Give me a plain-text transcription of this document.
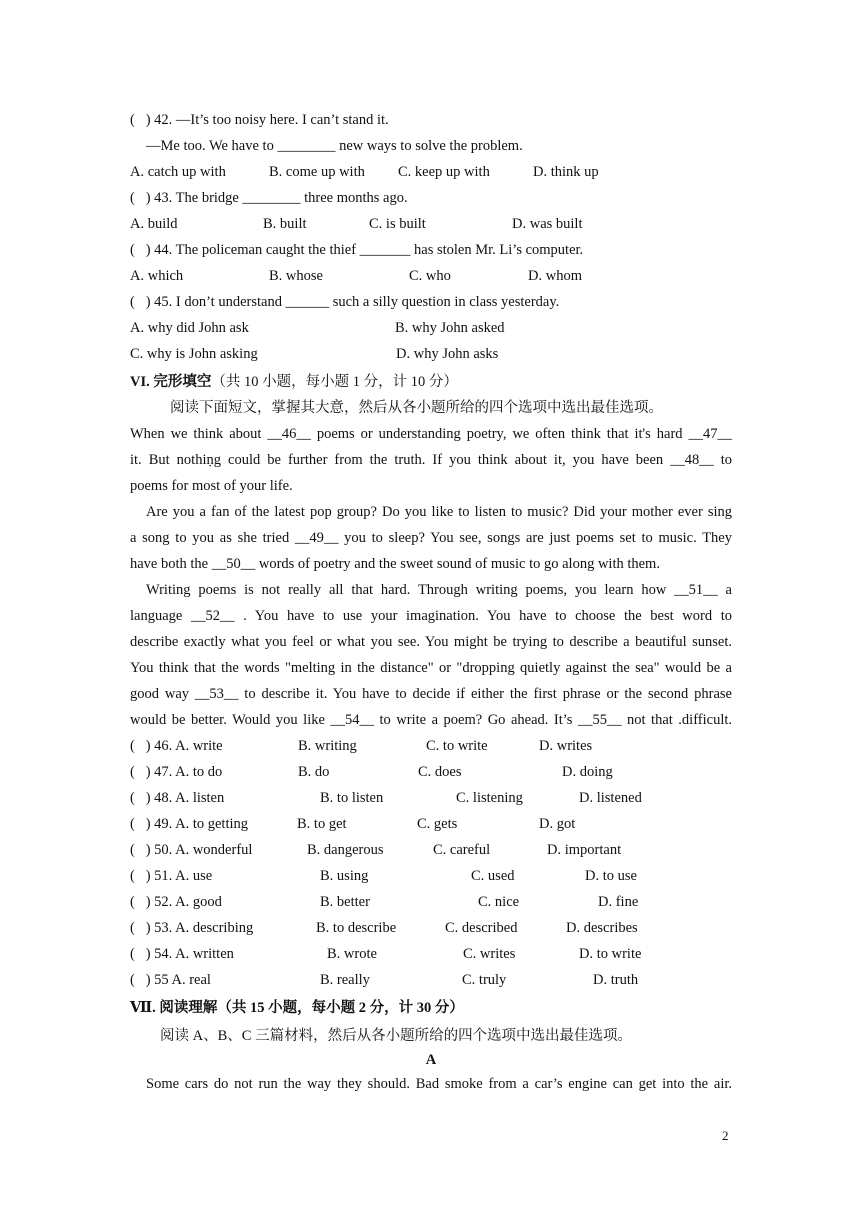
(   ) 42. —It’s too noisy here. I can’t stand it.
—Me too. We have to ________ new ways to solve the problem.
A. catch up with	B. come up with C. keep up with	D. think up
(   ) 43. The bridge ________ three months ago.
A. build	B. built	C. is built	D. was built
(   ) 44. The policeman caught the thief _______ has stolen Mr. Li’s computer.
A. which	B. whose	C. who	D. whom
(   ) 45. I don’t understand ______ such a silly question in class yesterday.
A. why did John ask	B. why John asked
C. why is John asking	D. why John asks
VI. 完形填空（共 10 小题，每小题 1 分，计 10 分）
阅读下面短文，掌握其大意，然后从各小题所给的四个选项中选出最佳选项。
When we think about __46__ poems or understanding poetry, we often think that it's hard __47__
it. But nothiṇg could be further from the truth. If you think about it, you have been __48__ to
poems for most of your life.
Are you a fan of the latest pop group? Do you like to listen to music? Did your mother ever sing
a song to you as she tried __49__ you to sleep? You see, songs are just poems set to music. They
have both the __50__ words of poetry and the sweet sound of music to go along with them.
Writing poems is not really all that hard. Through writing poems, you learn how __51__ a
language __52__ . You have to use your imagination. You have to choose the best word to
describe exactly what you feel or what you see. You might be trying to describe a beautiful sunset.
You think that the words "melting in the distance" or "dropping quietly against the sea" would be a
good way __53__ to describe it. You have to decide if either the first phrase or the second phrase
would be better. Would you like __54__ to write a poem? Go ahead. It’s __55__ not that .difficult.
(   ) 46. A. write	B. writing	C. to write	D. writes
(   ) 47. A. to do	B. do	C. does	D. doing
(   ) 48. A. listen	B. to listen	C. listening	D. listened
(   ) 49. A. to getting	B. to get	C. gets	D. got
(   ) 50. A. wonderful	B. dangerous	C. careful	D. important
(   ) 51. A. use	B. using	C. used	D. to use
(   ) 52. A. good	B. better	C. nice	D. fine
(   ) 53. A. describing	B. to describe	C. described	D. describes
(   ) 54. A. written	B. wrote	C. writes	D. to write
(   ) 55 A. real	B. really	C. truly	D. truth
Ⅶ. 阅读理解（共 15 小题，每小题 2 分，计 30 分）
阅读 A、B、C 三篇材料，然后从各小题所给的四个选项中选出最佳选项。
A
Some cars do not run the way they should. Bad smoke from a car’s engine can get into the air.
2
